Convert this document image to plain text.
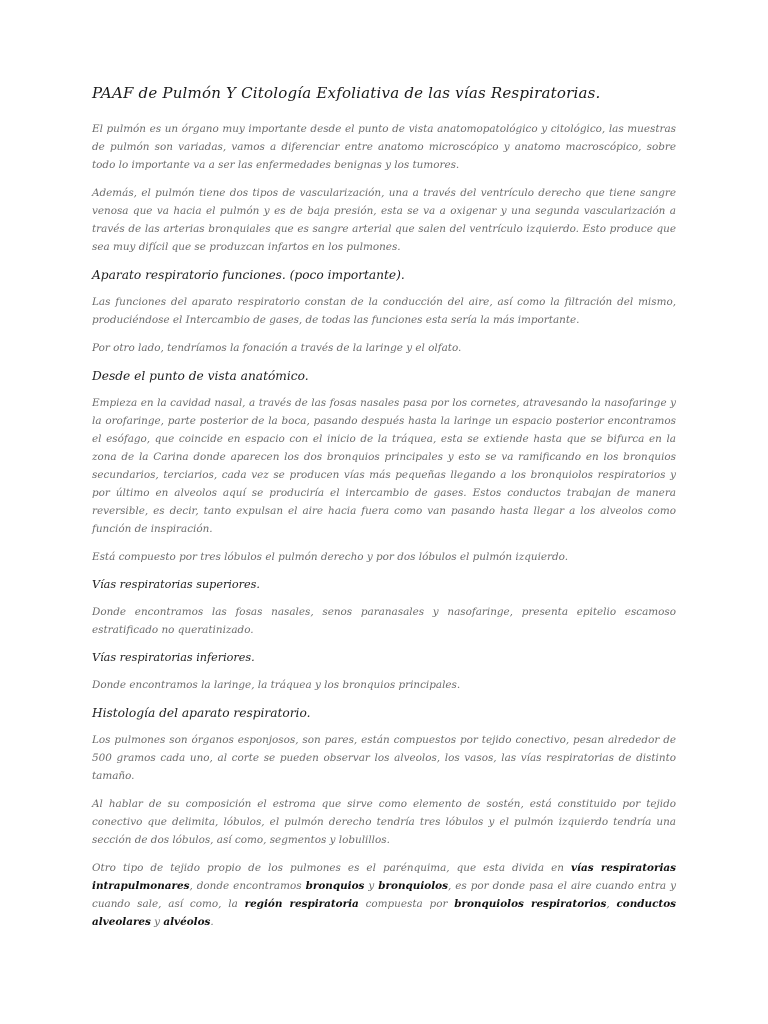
PAAF de Pulmón Y Citología Exfoliativa de las vías Respiratorias.

El pulmón es un órgano muy importante desde el punto de vista anatomopatológico y citológico, las muestras de pulmón son variadas, vamos a diferenciar entre anatomo microscópico y anatomo macroscópico, sobre todo lo importante va a ser las enfermedades benignas y los tumores.

Además, el pulmón tiene dos tipos de vascularización, una a través del ventrículo derecho que tiene sangre venosa que va hacia el pulmón y es de baja presión, esta se va a oxigenar y una segunda vascularización a través de las arterias bronquiales que es sangre arterial que salen del ventrículo izquierdo. Esto produce que sea muy difícil que se produzcan infartos en los pulmones.

Aparato respiratorio funciones. (poco importante).

Las funciones del aparato respiratorio constan de la conducción del aire, así como la filtración del mismo, produciéndose el Intercambio de gases, de todas las funciones esta sería la más importante.

Por otro lado, tendríamos la fonación a través de la laringe y el olfato.

Desde el punto de vista anatómico.

Empieza en la cavidad nasal, a través de las fosas nasales pasa por los cornetes, atravesando la nasofaringe y la orofaringe, parte posterior de la boca, pasando después hasta la laringe un espacio posterior encontramos el esófago, que coincide en espacio con el inicio de la tráquea, esta se extiende hasta que se bifurca en la zona de la Carina donde aparecen los dos bronquios principales y esto se va ramificando en los bronquios secundarios, terciarios, cada vez se producen vías más pequeñas llegando a los bronquiolos respiratorios y por último en alveolos aquí se produciría el intercambio de gases. Estos conductos trabajan de manera reversible, es decir, tanto expulsan el aire hacia fuera como van pasando hasta llegar a los alveolos como función de inspiración.

Está compuesto por tres lóbulos el pulmón derecho y por dos lóbulos el pulmón izquierdo.

Vías respiratorias superiores.

Donde encontramos las fosas nasales, senos paranasales y nasofaringe, presenta epitelio escamoso estratificado no queratinizado.

Vías respiratorias inferiores.

Donde encontramos la laringe, la tráquea y los bronquios principales.

Histología del aparato respiratorio.

Los pulmones son órganos esponjosos, son pares, están compuestos por tejido conectivo, pesan alrededor de 500 gramos cada uno, al corte se pueden observar los alveolos, los vasos, las vías respiratorias de distinto tamaño.

Al hablar de su composición el estroma que sirve como elemento de sostén, está constituido por tejido conectivo que delimita, lóbulos, el pulmón derecho tendría tres lóbulos y el pulmón izquierdo tendría una sección de dos lóbulos, así como, segmentos y lobulillos.

Otro tipo de tejido propio de los pulmones es el parénquima, que esta divida en vías respiratorias intrapulmonares, donde encontramos bronquios y bronquiolos, es por donde pasa el aire cuando entra y cuando sale, así como, la región respiratoria compuesta por bronquiolos respiratorios, conductos alveolares y alvéolos.
